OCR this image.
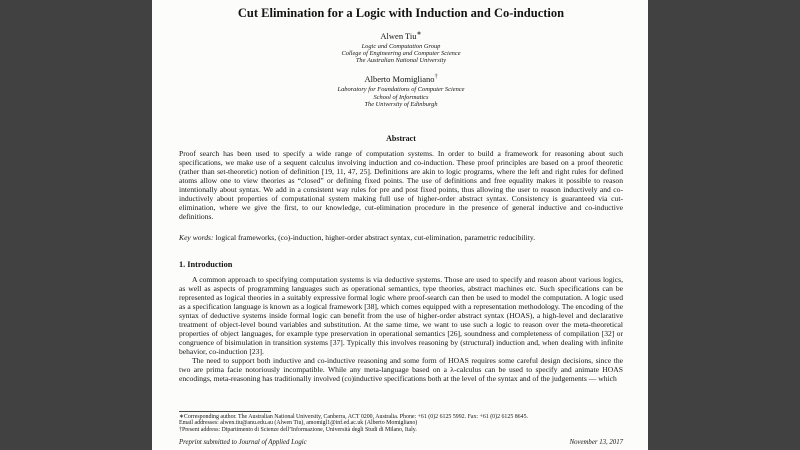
Cut Elimination for a Logic with Induction and Co-induction
Alwen Tiu∗
Logic and Computation Group
College of Engineering and Computer Science
The Australian National University
Alberto Momigliano†
Laboratory for Foundations of Computer Science
School of Informatics
The University of Edinburgh
Abstract
Proof search has been used to specify a wide range of computation systems. In order to build a framework for reasoning about such specifications, we make use of a sequent calculus involving induction and co-induction. These proof principles are based on a proof theoretic (rather than set-theoretic) notion of definition [19, 11, 47, 25]. Definitions are akin to logic programs, where the left and right rules for defined atoms allow one to view theories as “closed” or defining fixed points. The use of definitions and free equality makes it possible to reason intentionally about syntax. We add in a consistent way rules for pre and post fixed points, thus allowing the user to reason inductively and co-inductively about properties of computational system making full use of higher-order abstract syntax. Consistency is guaranteed via cut-elimination, where we give the first, to our knowledge, cut-elimination procedure in the presence of general inductive and co-inductive definitions.
Key words: logical frameworks, (co)-induction, higher-order abstract syntax, cut-elimination, parametric reducibility.
1. Introduction
A common approach to specifying computation systems is via deductive systems. Those are used to specify and reason about various logics, as well as aspects of programming languages such as operational semantics, type theories, abstract machines etc. Such specifications can be represented as logical theories in a suitably expressive formal logic where proof-search can then be used to model the computation. A logic used as a specification language is known as a logical framework [38], which comes equipped with a representation methodology. The encoding of the syntax of deductive systems inside formal logic can benefit from the use of higher-order abstract syntax (HOAS), a high-level and declarative treatment of object-level bound variables and substitution. At the same time, we want to use such a logic to reason over the meta-theoretical properties of object languages, for example type preservation in operational semantics [26], soundness and completeness of compilation [32] or congruence of bisimulation in transition systems [37]. Typically this involves reasoning by (structural) induction and, when dealing with infinite behavior, co-induction [23].
The need to support both inductive and co-inductive reasoning and some form of HOAS requires some careful design decisions, since the two are prima facie notoriously incompatible. While any meta-language based on a λ-calculus can be used to specify and animate HOAS encodings, meta-reasoning has traditionally involved (co)inductive specifications both at the level of the syntax and of the judgements — which
∗Corresponding author. The Australian National University, Canberra, ACT 0200, Australia. Phone: +61 (0)2 6125 5992. Fax: +61 (0)2 6125 8645.
Email addresses: alwen.tiu@anu.edu.au (Alwen Tiu), amomigl1@inf.ed.ac.uk (Alberto Momigliano)
†Present address: Dipartimento di Scienze dell’Informazione, Università degli Studi di Milano, Italy.
Preprint submitted to Journal of Applied Logic	November 13, 2017
